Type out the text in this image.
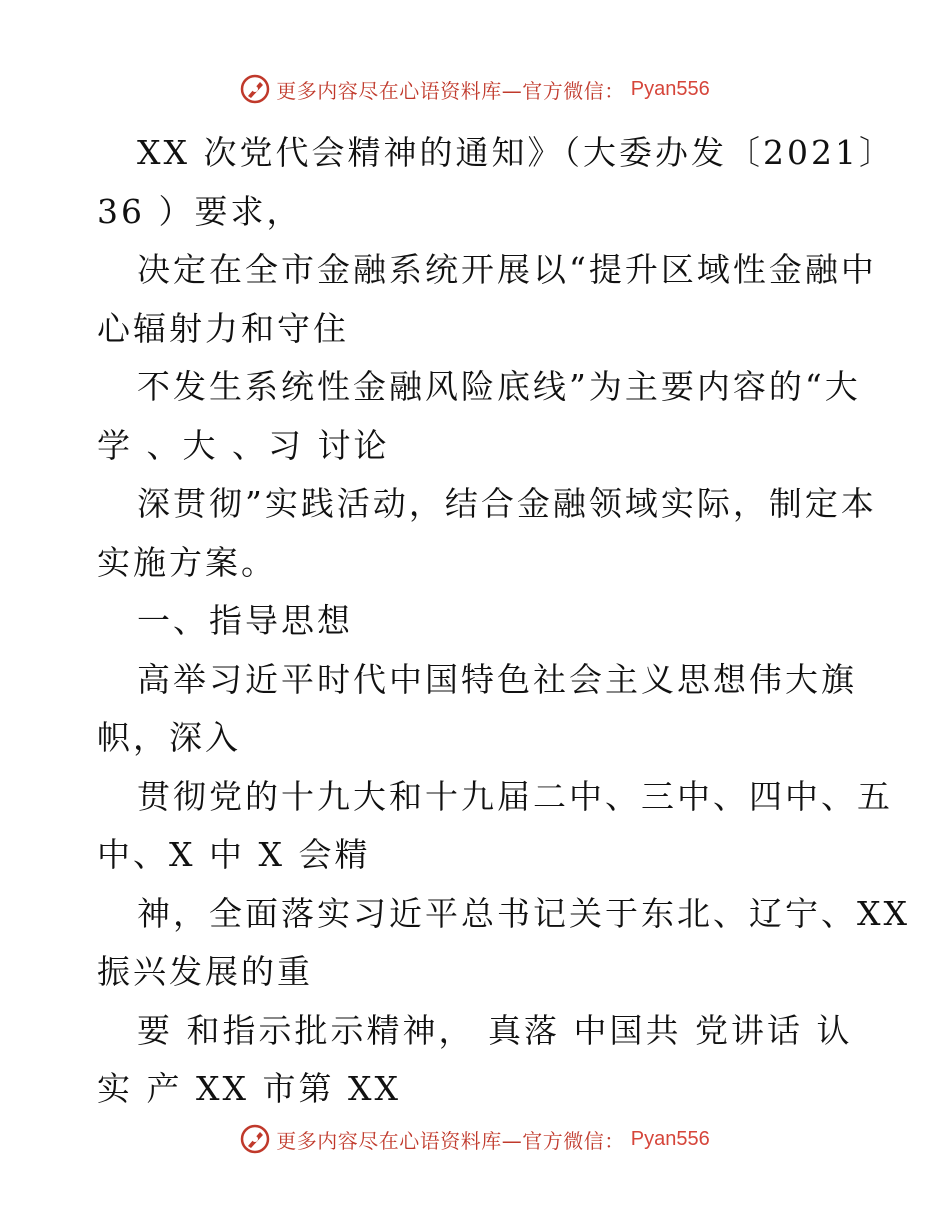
更多内容尽在心语资料库—官方微信： Pyan556
XX 次党代会精神的通知》（大委办发〔2021〕
36 ）要求，
决定在全市金融系统开展以“提升区域性金融中
心辐射力和守住
不发生系统性金融风险底线”为主要内容的“大
学 、大 、习 讨论
深贯彻”实践活动，结合金融领域实际，制定本
实施方案。
一、指导思想
高举习近平时代中国特色社会主义思想伟大旗
帜，深入
贯彻党的十九大和十九届二中、三中、四中、五
中、X 中 X 会精
神，全面落实习近平总书记关于东北、辽宁、XX
振兴发展的重
要 和指示批示精神， 真落 中国共 党讲话 认
实 产 XX 市第 XX
更多内容尽在心语资料库—官方微信： Pyan556
